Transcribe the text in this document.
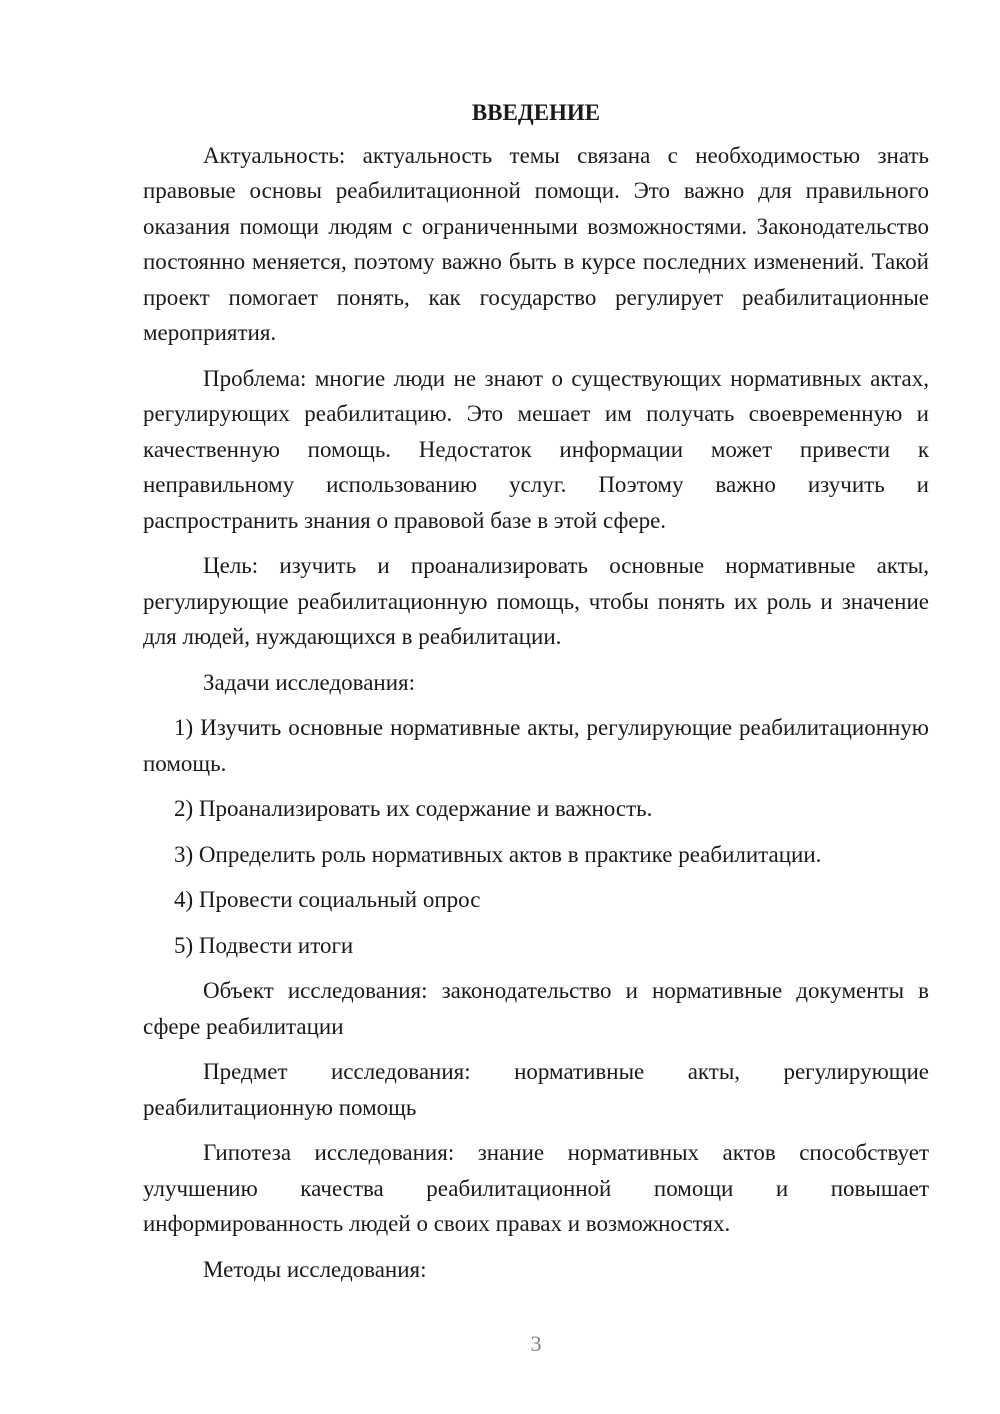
ВВЕДЕНИЕ

Актуальность: актуальность темы связана с необходимостью знать правовые основы реабилитационной помощи. Это важно для правильного оказания помощи людям с ограниченными возможностями. Законодательство постоянно меняется, поэтому важно быть в курсе последних изменений. Такой проект помогает понять, как государство регулирует реабилитационные мероприятия.

Проблема: многие люди не знают о существующих нормативных актах, регулирующих реабилитацию. Это мешает им получать своевременную и качественную помощь. Недостаток информации может привести к неправильному использованию услуг. Поэтому важно изучить и распространить знания о правовой базе в этой сфере.

Цель: изучить и проанализировать основные нормативные акты, регулирующие реабилитационную помощь, чтобы понять их роль и значение для людей, нуждающихся в реабилитации.

Задачи исследования:

1) Изучить основные нормативные акты, регулирующие реабилитационную помощь.

2) Проанализировать их содержание и важность.

3) Определить роль нормативных актов в практике реабилитации.

4) Провести социальный опрос

5) Подвести итоги

Объект исследования: законодательство и нормативные документы в сфере реабилитации

Предмет исследования: нормативные акты, регулирующие реабилитационную помощь

Гипотеза исследования: знание нормативных актов способствует улучшению качества реабилитационной помощи и повышает информированность людей о своих правах и возможностях.

Методы исследования:

3
